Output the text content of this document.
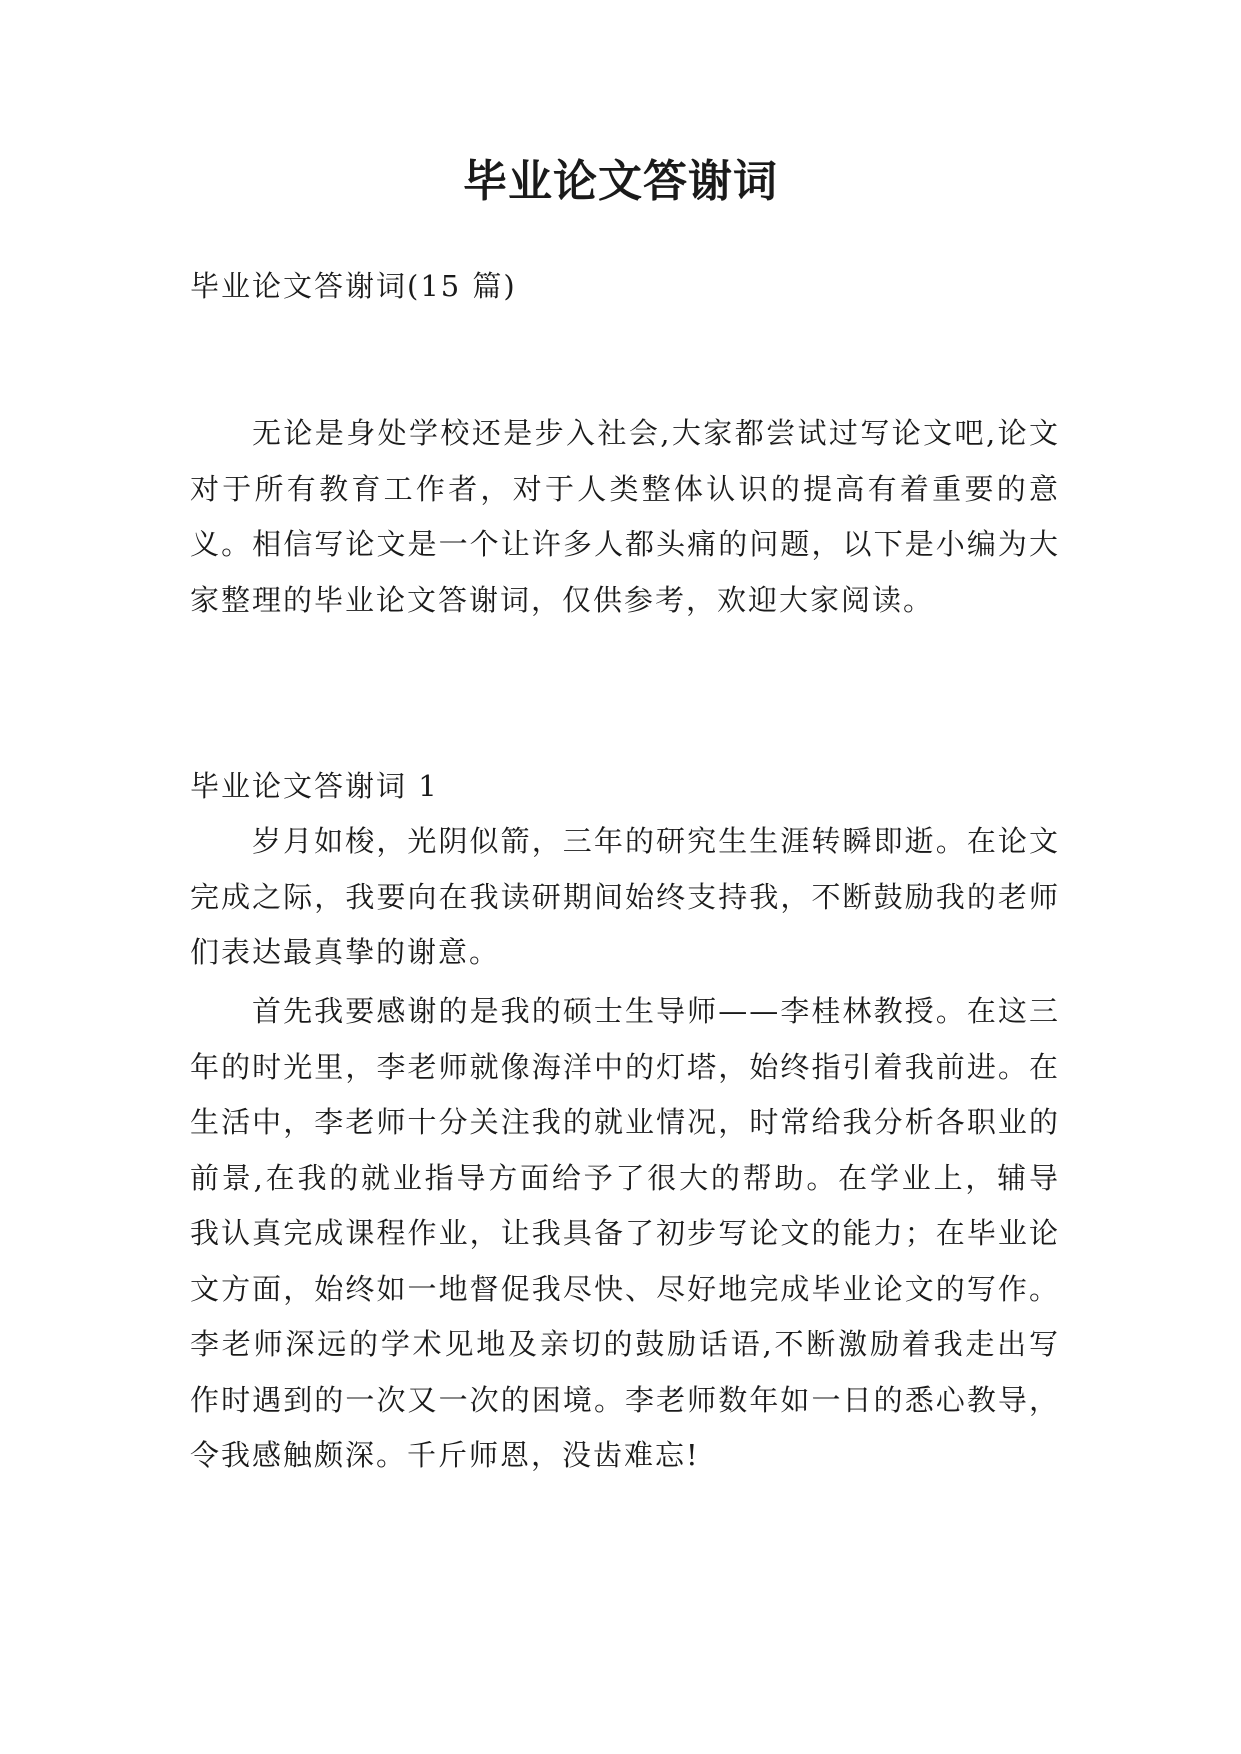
毕业论文答谢词

毕业论文答谢词(15 篇)

无论是身处学校还是步入社会,大家都尝试过写论文吧,论文对于所有教育工作者，对于人类整体认识的提高有着重要的意义。相信写论文是一个让许多人都头痛的问题，以下是小编为大家整理的毕业论文答谢词，仅供参考，欢迎大家阅读。

毕业论文答谢词 1

岁月如梭，光阴似箭，三年的研究生生涯转瞬即逝。在论文完成之际，我要向在我读研期间始终支持我，不断鼓励我的老师们表达最真挚的谢意。

首先我要感谢的是我的硕士生导师——李桂林教授。在这三年的时光里，李老师就像海洋中的灯塔，始终指引着我前进。在生活中，李老师十分关注我的就业情况，时常给我分析各职业的前景,在我的就业指导方面给予了很大的帮助。在学业上，辅导我认真完成课程作业，让我具备了初步写论文的能力；在毕业论文方面，始终如一地督促我尽快、尽好地完成毕业论文的写作。李老师深远的学术见地及亲切的鼓励话语,不断激励着我走出写作时遇到的一次又一次的困境。李老师数年如一日的悉心教导，令我感触颇深。千斤师恩，没齿难忘!
